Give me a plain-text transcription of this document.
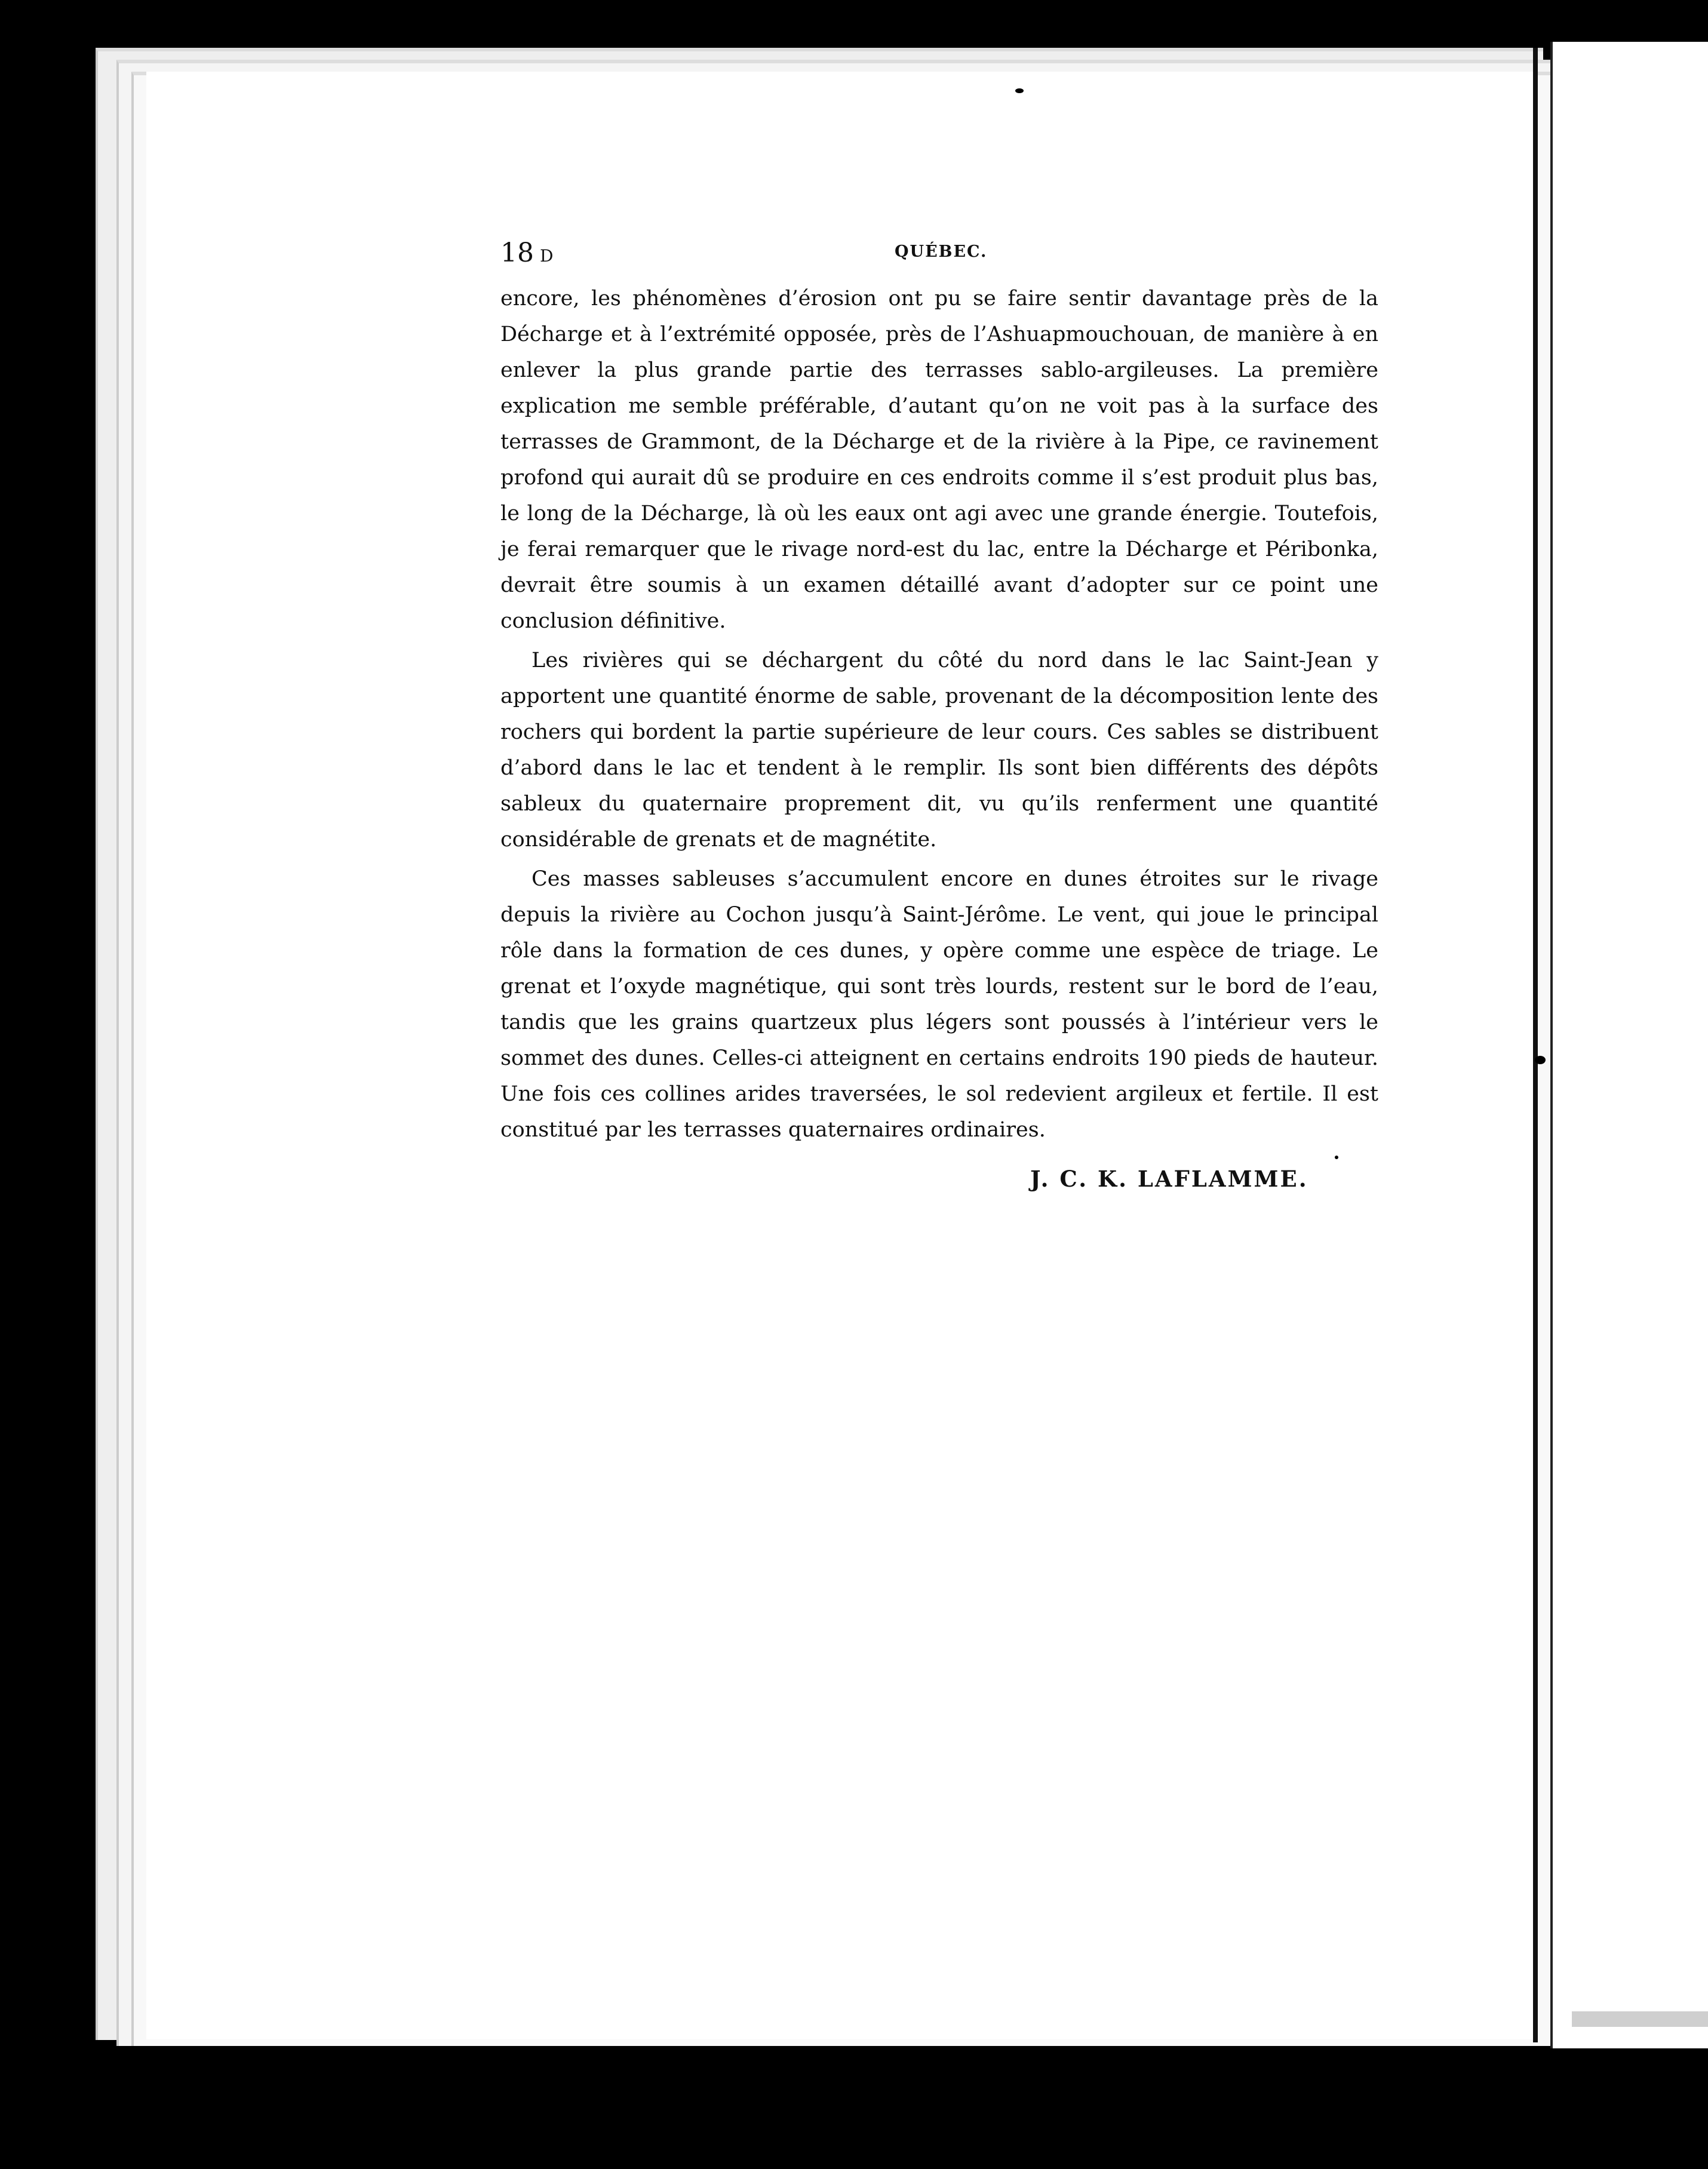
18 D	QUÉBEC.

encore, les phénomènes d’érosion ont pu se faire sentir davantage près de la Décharge et à l’extrémité opposée, près de l’Ashuapmouchouan, de manière à en enlever la plus grande partie des terrasses sablo-argileuses. La première explication me semble préférable, d’autant qu’on ne voit pas à la surface des terrasses de Grammont, de la Décharge et de la rivière à la Pipe, ce ravinement profond qui aurait dû se produire en ces endroits comme il s’est produit plus bas, le long de la Décharge, là où les eaux ont agi avec une grande énergie. Toutefois, je ferai remarquer que le rivage nord-est du lac, entre la Décharge et Péribonka, devrait être soumis à un examen détaillé avant d’adopter sur ce point une conclusion définitive.

Les rivières qui se déchargent du côté du nord dans le lac Saint-Jean y apportent une quantité énorme de sable, provenant de la décomposition lente des rochers qui bordent la partie supérieure de leur cours. Ces sables se distribuent d’abord dans le lac et tendent à le remplir. Ils sont bien différents des dépôts sableux du quaternaire proprement dit, vu qu’ils renferment une quantité considérable de grenats et de magnétite.

Ces masses sableuses s’accumulent encore en dunes étroites sur le rivage depuis la rivière au Cochon jusqu’à Saint-Jérôme. Le vent, qui joue le principal rôle dans la formation de ces dunes, y opère comme une espèce de triage. Le grenat et l’oxyde magnétique, qui sont très lourds, restent sur le bord de l’eau, tandis que les grains quartzeux plus légers sont poussés à l’intérieur vers le sommet des dunes. Celles-ci atteignent en certains endroits 190 pieds de hauteur. Une fois ces collines arides traversées, le sol redevient argileux et fertile. Il est constitué par les terrasses quaternaires ordinaires.

J. C. K. LAFLAMME.
